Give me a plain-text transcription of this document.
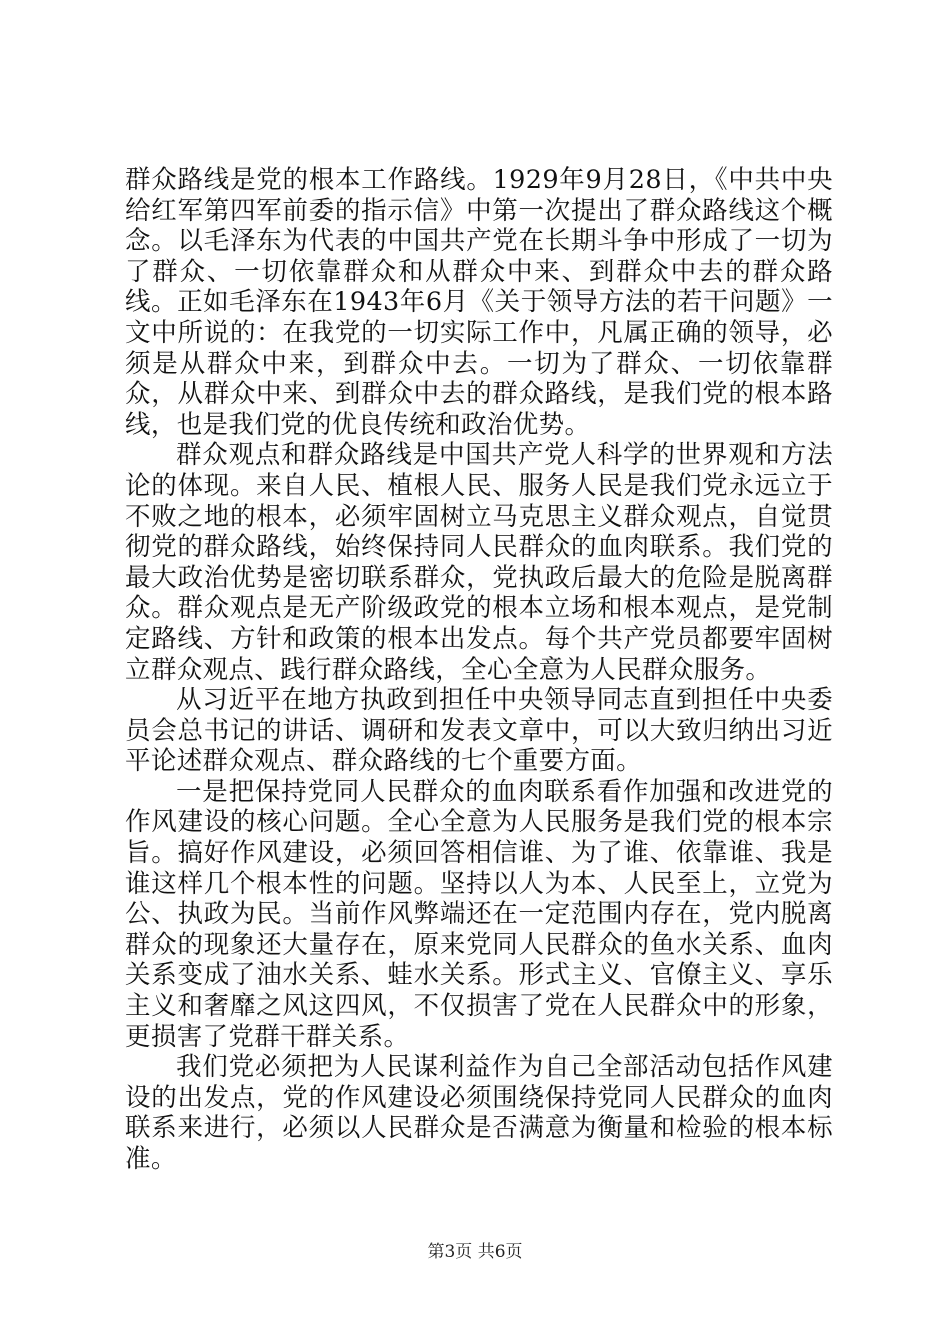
群众路线是党的根本工作路线。1929年9月28日，《中共中央给红军第四军前委的指示信》中第一次提出了群众路线这个概念。以毛泽东为代表的中国共产党在长期斗争中形成了一切为了群众、一切依靠群众和从群众中来、到群众中去的群众路线。正如毛泽东在1943年6月《关于领导方法的若干问题》一文中所说的：在我党的一切实际工作中，凡属正确的领导，必须是从群众中来，到群众中去。一切为了群众、一切依靠群众，从群众中来、到群众中去的群众路线，是我们党的根本路线，也是我们党的优良传统和政治优势。

群众观点和群众路线是中国共产党人科学的世界观和方法论的体现。来自人民、植根人民、服务人民是我们党永远立于不败之地的根本，必须牢固树立马克思主义群众观点，自觉贯彻党的群众路线，始终保持同人民群众的血肉联系。我们党的最大政治优势是密切联系群众，党执政后最大的危险是脱离群众。群众观点是无产阶级政党的根本立场和根本观点，是党制定路线、方针和政策的根本出发点。每个共产党员都要牢固树立群众观点、践行群众路线，全心全意为人民群众服务。

从习近平在地方执政到担任中央领导同志直到担任中央委员会总书记的讲话、调研和发表文章中，可以大致归纳出习近平论述群众观点、群众路线的七个重要方面。

一是把保持党同人民群众的血肉联系看作加强和改进党的作风建设的核心问题。全心全意为人民服务是我们党的根本宗旨。搞好作风建设，必须回答相信谁、为了谁、依靠谁、我是谁这样几个根本性的问题。坚持以人为本、人民至上，立党为公、执政为民。当前作风弊端还在一定范围内存在，党内脱离群众的现象还大量存在，原来党同人民群众的鱼水关系、血肉关系变成了油水关系、蛙水关系。形式主义、官僚主义、享乐主义和奢靡之风这四风，不仅损害了党在人民群众中的形象，更损害了党群干群关系。

我们党必须把为人民谋利益作为自己全部活动包括作风建设的出发点，党的作风建设必须围绕保持党同人民群众的血肉联系来进行，必须以人民群众是否满意为衡量和检验的根本标准。

第3页 共6页
